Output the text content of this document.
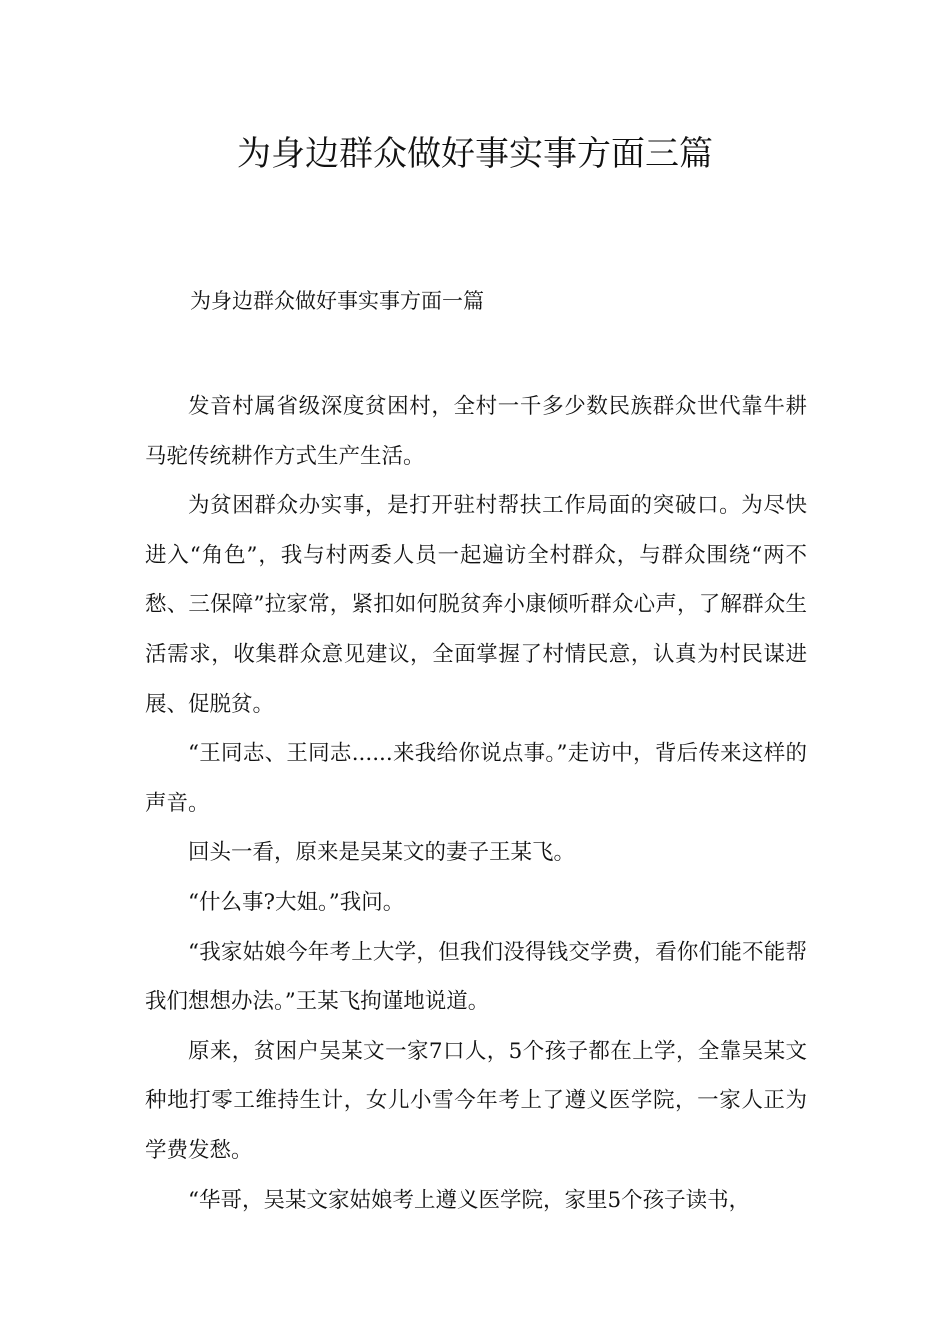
为身边群众做好事实事方面三篇

为身边群众做好事实事方面一篇

发音村属省级深度贫困村，全村一千多少数民族群众世代靠牛耕马驼传统耕作方式生产生活。

为贫困群众办实事，是打开驻村帮扶工作局面的突破口。为尽快进入“角色”，我与村两委人员一起遍访全村群众，与群众围绕“两不愁、三保障”拉家常，紧扣如何脱贫奔小康倾听群众心声，了解群众生活需求，收集群众意见建议，全面掌握了村情民意，认真为村民谋进展、促脱贫。

“王同志、王同志......来我给你说点事。”走访中，背后传来这样的声音。

回头一看，原来是吴某文的妻子王某飞。

“什么事?大姐。”我问。

“我家姑娘今年考上大学，但我们没得钱交学费，看你们能不能帮我们想想办法。”王某飞拘谨地说道。

原来，贫困户吴某文一家7口人，5个孩子都在上学，全靠吴某文种地打零工维持生计，女儿小雪今年考上了遵义医学院，一家人正为学费发愁。

“华哥，吴某文家姑娘考上遵义医学院，家里5个孩子读书，
